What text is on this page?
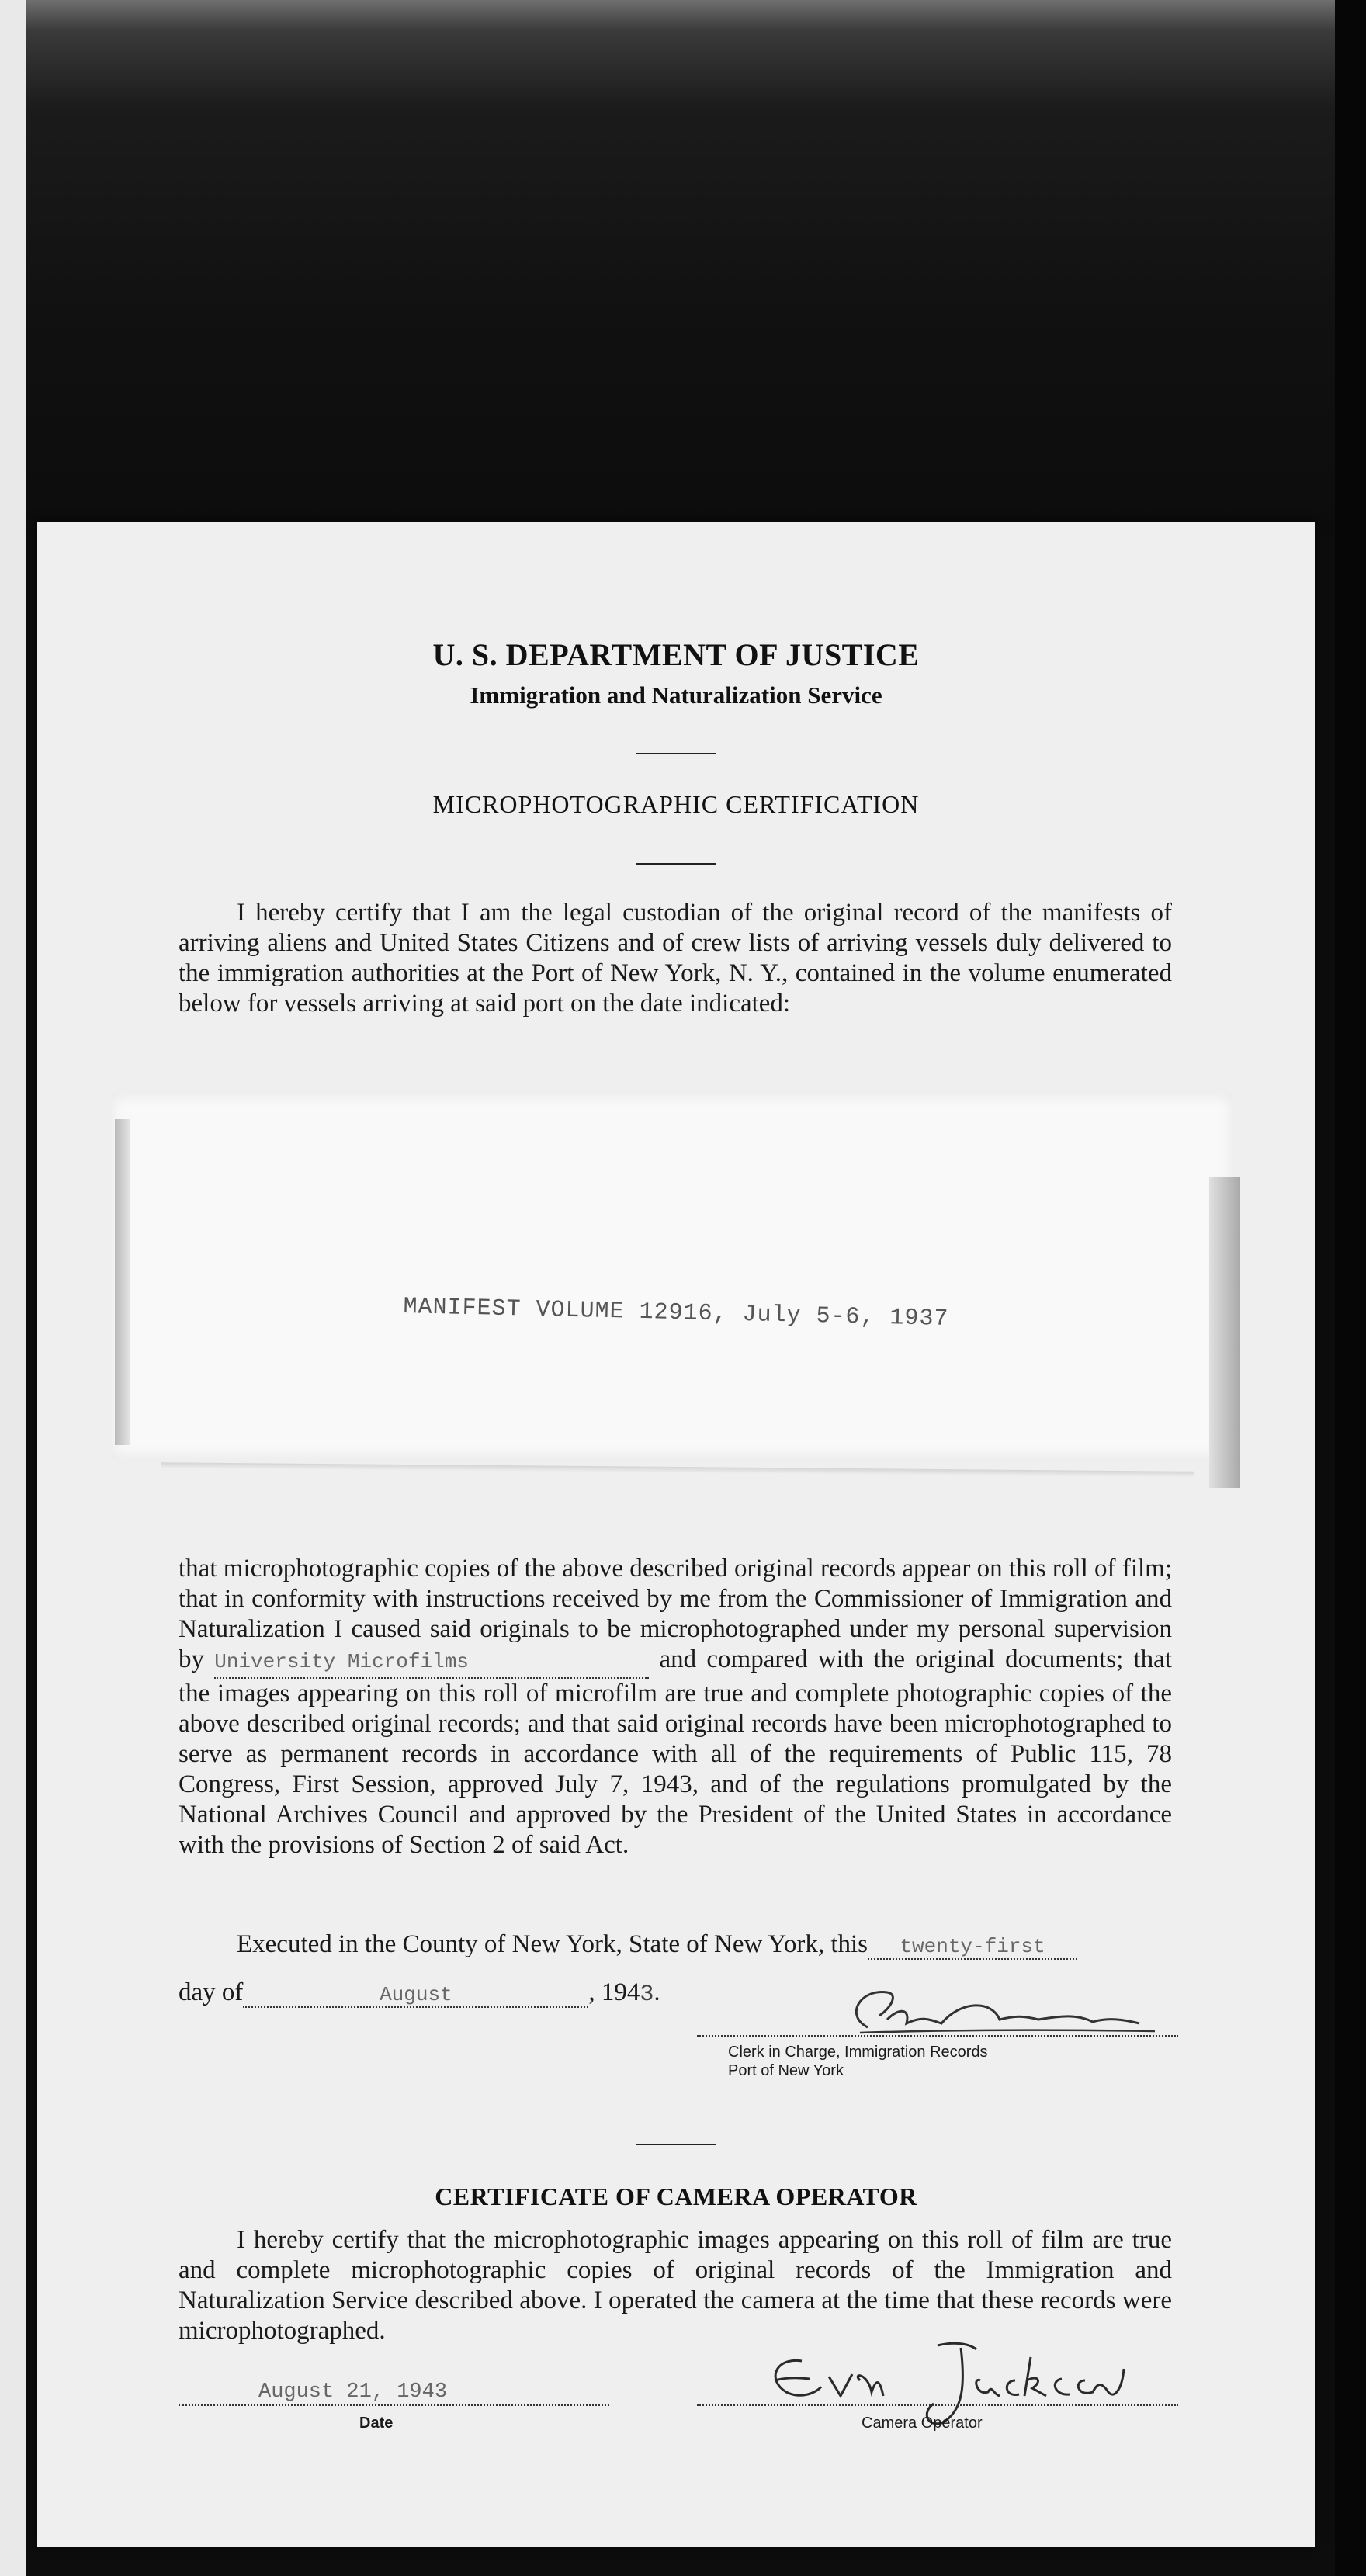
U. S. DEPARTMENT OF JUSTICE
Immigration and Naturalization Service
MICROPHOTOGRAPHIC CERTIFICATION
I hereby certify that I am the legal custodian of the original record of the manifests of arriving aliens and United States Citizens and of crew lists of arriving vessels duly delivered to the immigration authorities at the Port of New York, N. Y., contained in the volume enumerated below for vessels arriving at said port on the date indicated:
MANIFEST VOLUME 12916, July 5-6, 1937
that microphotographic copies of the above described original records appear on this roll of film; that in conformity with instructions received by me from the Commissioner of Immigration and Naturalization I caused said originals to be microphotographed under my personal supervision by University Microfilms	and compared with the original documents; that the images appearing on this roll of microfilm are true and complete photographic copies of the above described original records; and that said original records have been microphotographed to serve as permanent records in accordance with all of the requirements of Public 115, 78 Congress, First Session, approved July 7, 1943, and of the regulations promulgated by the National Archives Council and approved by the President of the United States in accordance with the provisions of Section 2 of said Act.
Executed in the County of New York, State of New York, this twenty-first
day of	August	, 1943.
Clerk in Charge, Immigration Records
Port of New York
CERTIFICATE OF CAMERA OPERATOR
I hereby certify that the microphotographic images appearing on this roll of film are true and complete microphotographic copies of original records of the Immigration and Naturalization Service described above. I operated the camera at the time that these records were microphotographed.
August 21, 1943
Date	Camera Operator
